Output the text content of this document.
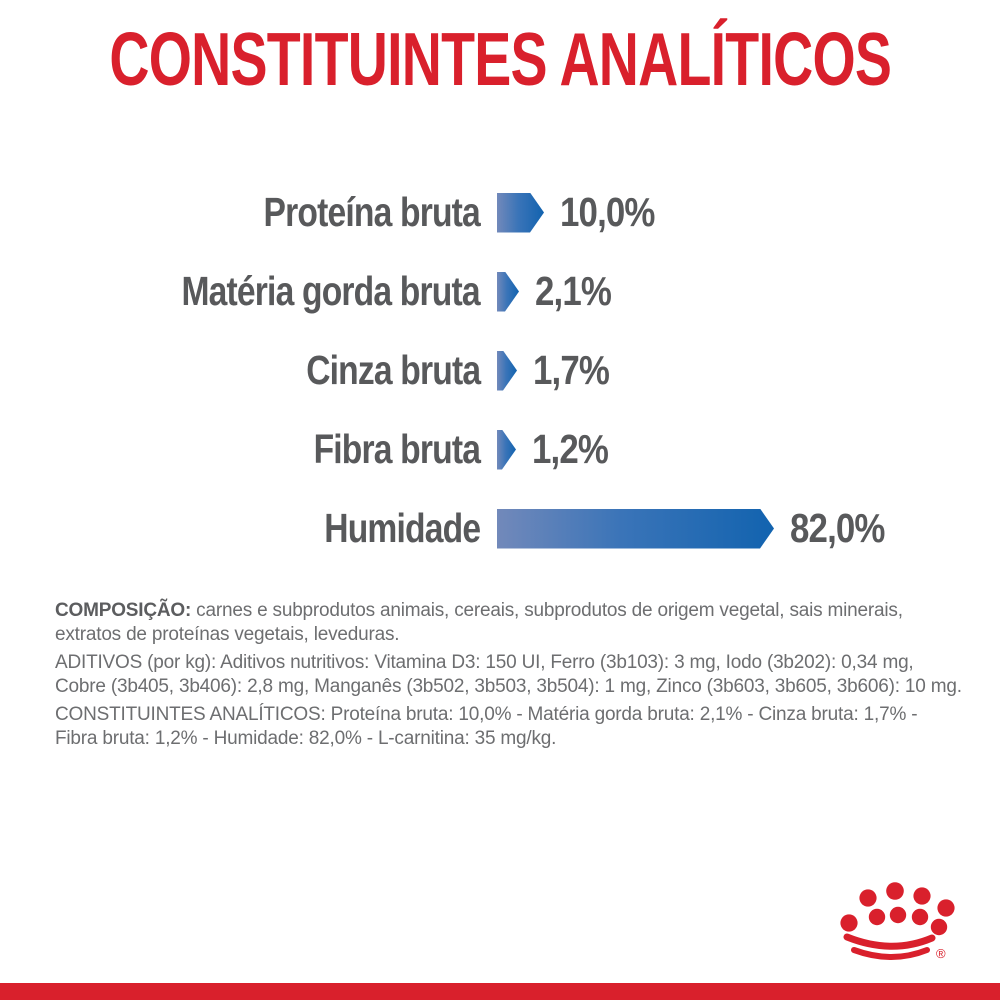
CONSTITUINTES ANALÍTICOS
Proteína bruta	10,0%
Matéria gorda bruta	2,1%
Cinza bruta	1,7%
Fibra bruta	1,2%
Humidade	82,0%

COMPOSIÇÃO: carnes e subprodutos animais, cereais, subprodutos de origem vegetal, sais minerais, extratos de proteínas vegetais, leveduras.

ADITIVOS (por kg): Aditivos nutritivos: Vitamina D3: 150 UI, Ferro (3b103): 3 mg, Iodo (3b202): 0,34 mg, Cobre (3b405, 3b406): 2,8 mg, Manganês (3b502, 3b503, 3b504): 1 mg, Zinco (3b603, 3b605, 3b606): 10 mg.

CONSTITUINTES ANALÍTICOS: Proteína bruta: 10,0% - Matéria gorda bruta: 2,1% - Cinza bruta: 1,7% - Fibra bruta: 1,2% - Humidade: 82,0% - L-carnitina: 35 mg/kg.

®
